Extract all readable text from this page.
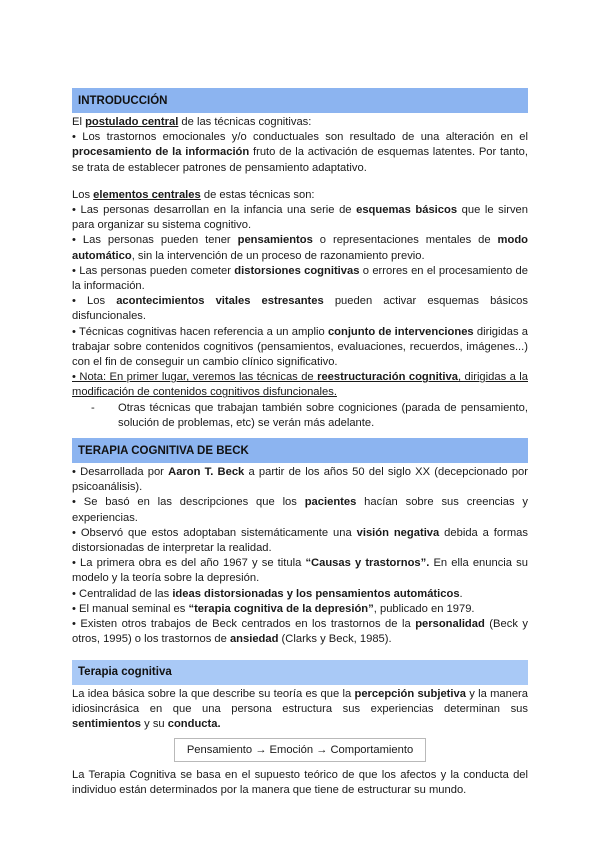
INTRODUCCIÓN

El postulado central de las técnicas cognitivas:

• Los trastornos emocionales y/o conductuales son resultado de una alteración en el procesamiento de la información fruto de la activación de esquemas latentes. Por tanto, se trata de establecer patrones de pensamiento adaptativo.

Los elementos centrales de estas técnicas son:

• Las personas desarrollan en la infancia una serie de esquemas básicos que le sirven para organizar su sistema cognitivo.

• Las personas pueden tener pensamientos o representaciones mentales de modo automático, sin la intervención de un proceso de razonamiento previo.

• Las personas pueden cometer distorsiones cognitivas o errores en el procesamiento de la información.

• Los acontecimientos vitales estresantes pueden activar esquemas básicos disfuncionales.

• Técnicas cognitivas hacen referencia a un amplio conjunto de intervenciones dirigidas a trabajar sobre contenidos cognitivos (pensamientos, evaluaciones, recuerdos, imágenes...) con el fin de conseguir un cambio clínico significativo.

• Nota: En primer lugar, veremos las técnicas de reestructuración cognitiva, dirigidas a la modificación de contenidos cognitivos disfuncionales.

-	Otras técnicas que trabajan también sobre cogniciones (parada de pensamiento, solución de problemas, etc) se verán más adelante.
TERAPIA COGNITIVA DE BECK

• Desarrollada por Aaron T. Beck a partir de los años 50 del siglo XX (decepcionado por psicoanálisis).

• Se basó en las descripciones que los pacientes hacían sobre sus creencias y experiencias.

• Observó que estos adoptaban sistemáticamente una visión negativa debida a formas distorsionadas de interpretar la realidad.

• La primera obra es del año 1967 y se titula “Causas y trastornos”. En ella enuncia su modelo y la teoría sobre la depresión.

• Centralidad de las ideas distorsionadas y los pensamientos automáticos.

• El manual seminal es “terapia cognitiva de la depresión”, publicado en 1979.

• Existen otros trabajos de Beck centrados en los trastornos de la personalidad (Beck y otros, 1995) o los trastornos de ansiedad (Clarks y Beck, 1985).

Terapia cognitiva

La idea básica sobre la que describe su teoría es que la percepción subjetiva y la manera idiosincrásica en que una persona estructura sus experiencias determinan sus sentimientos y su conducta.

Pensamiento → Emoción → Comportamiento

La Terapia Cognitiva se basa en el supuesto teórico de que los afectos y la conducta del individuo están determinados por la manera que tiene de estructurar su mundo.
